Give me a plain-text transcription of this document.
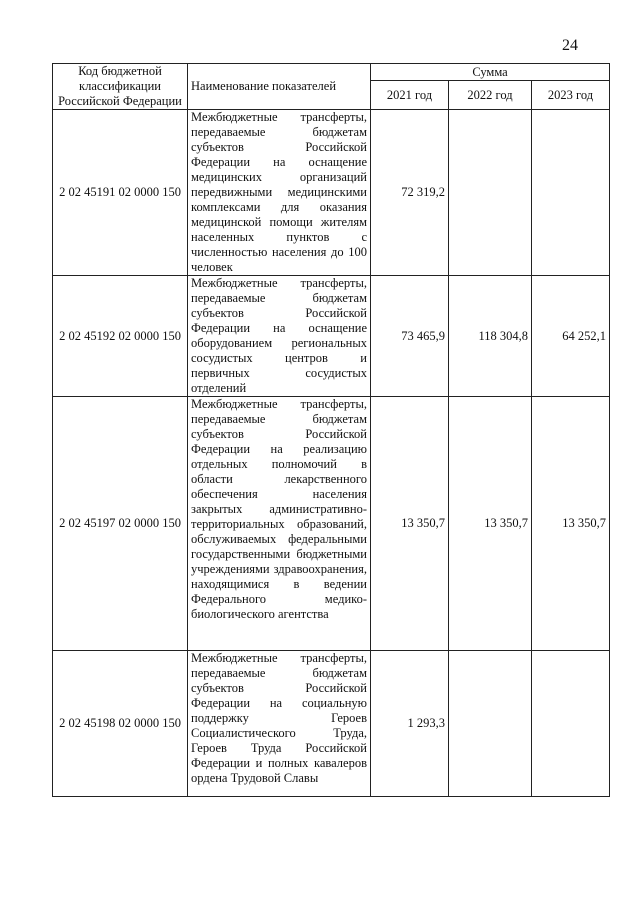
24
Код бюджетной классификации Российской Федерации	Наименование показателей	Сумма		
		2021 год	2022 год	2023 год
2 02 45191 02 0000 150	Межбюджетные трансферты, передаваемые бюджетам субъектов Российской Федерации на оснащение медицинских организаций передвижными медицинскими комплексами для оказания медицинской помощи жителям населенных пунктов с численностью населения до 100 человек	72 319,2		
2 02 45192 02 0000 150	Межбюджетные трансферты, передаваемые бюджетам субъектов Российской Федерации на оснащение оборудованием региональных сосудистых центров и первичных сосудистых отделений	73 465,9	118 304,8	64 252,1
2 02 45197 02 0000 150	Межбюджетные трансферты, передаваемые бюджетам субъектов Российской Федерации на реализацию отдельных полномочий в области лекарственного обеспечения населения закрытых административно-территориальных образований, обслуживаемых федеральными государственными бюджетными учреждениями здравоохранения, находящимися в ведении Федерального медико-биологического агентства	13 350,7	13 350,7	13 350,7
2 02 45198 02 0000 150	Межбюджетные трансферты, передаваемые бюджетам субъектов Российской Федерации на социальную поддержку Героев Социалистического Труда, Героев Труда Российской Федерации и полных кавалеров ордена Трудовой Славы	1 293,3		
